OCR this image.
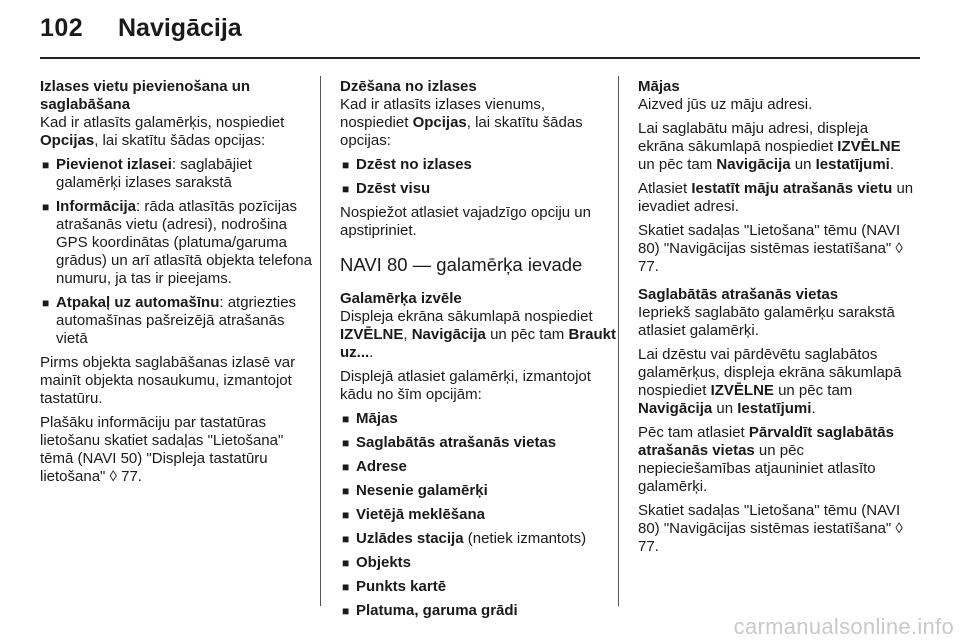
102 Navigācija

Izlases vietu pievienošana un saglabāšana

Kad ir atlasīts galamērķis, nospiediet Opcijas, lai skatītu šādas opcijas:

■ Pievienot izlasei: saglabājiet galamērķi izlases sarakstā
■ Informācija: rāda atlasītās pozīcijas atrašanās vietu (adresi), nodrošina GPS koordinātas (platuma/garuma grādus) un arī atlasītā objekta telefona numuru, ja tas ir pieejams.
■ Atpakaļ uz automašīnu: atgriezties automašīnas pašreizējā atrašanās vietā

Pirms objekta saglabāšanas izlasē var mainīt objekta nosaukumu, izmantojot tastatūru.

Plašāku informāciju par tastatūras lietošanu skatiet sadaļas "Lietošana" tēmā (NAVI 50) "Displeja tastatūru lietošana" ◊ 77.

Dzēšana no izlases

Kad ir atlasīts izlases vienums, nospiediet Opcijas, lai skatītu šādas opcijas:

■ Dzēst no izlases
■ Dzēst visu

Nospiežot atlasiet vajadzīgo opciju un apstipriniet.

NAVI 80 — galamērķa ievade

Galamērķa izvēle

Displeja ekrāna sākumlapā nospiediet IZVĒLNE, Navigācija un pēc tam Braukt uz....

Displejā atlasiet galamērķi, izmantojot kādu no šīm opcijām:

■ Mājas
■ Saglabātās atrašanās vietas
■ Adrese
■ Nesenie galamērķi
■ Vietējā meklēšana
■ Uzlādes stacija (netiek izmantots)
■ Objekts
■ Punkts kartē
■ Platuma, garuma grādi

Mājas

Aizved jūs uz māju adresi.

Lai saglabātu māju adresi, displeja ekrāna sākumlapā nospiediet IZVĒLNE un pēc tam Navigācija un Iestatījumi.

Atlasiet Iestatīt māju atrašanās vietu un ievadiet adresi.

Skatiet sadaļas "Lietošana" tēmu (NAVI 80) "Navigācijas sistēmas iestatīšana" ◊ 77.

Saglabātās atrašanās vietas

Iepriekš saglabāto galamērķu sarakstā atlasiet galamērķi.

Lai dzēstu vai pārdēvētu saglabātos galamērķus, displeja ekrāna sākumlapā nospiediet IZVĒLNE un pēc tam Navigācija un Iestatījumi.

Pēc tam atlasiet Pārvaldīt saglabātās atrašanās vietas un pēc nepieciešamības atjauniniet atlasīto galamērķi.

Skatiet sadaļas "Lietošana" tēmu (NAVI 80) "Navigācijas sistēmas iestatīšana" ◊ 77.

carmanualsonline.info
